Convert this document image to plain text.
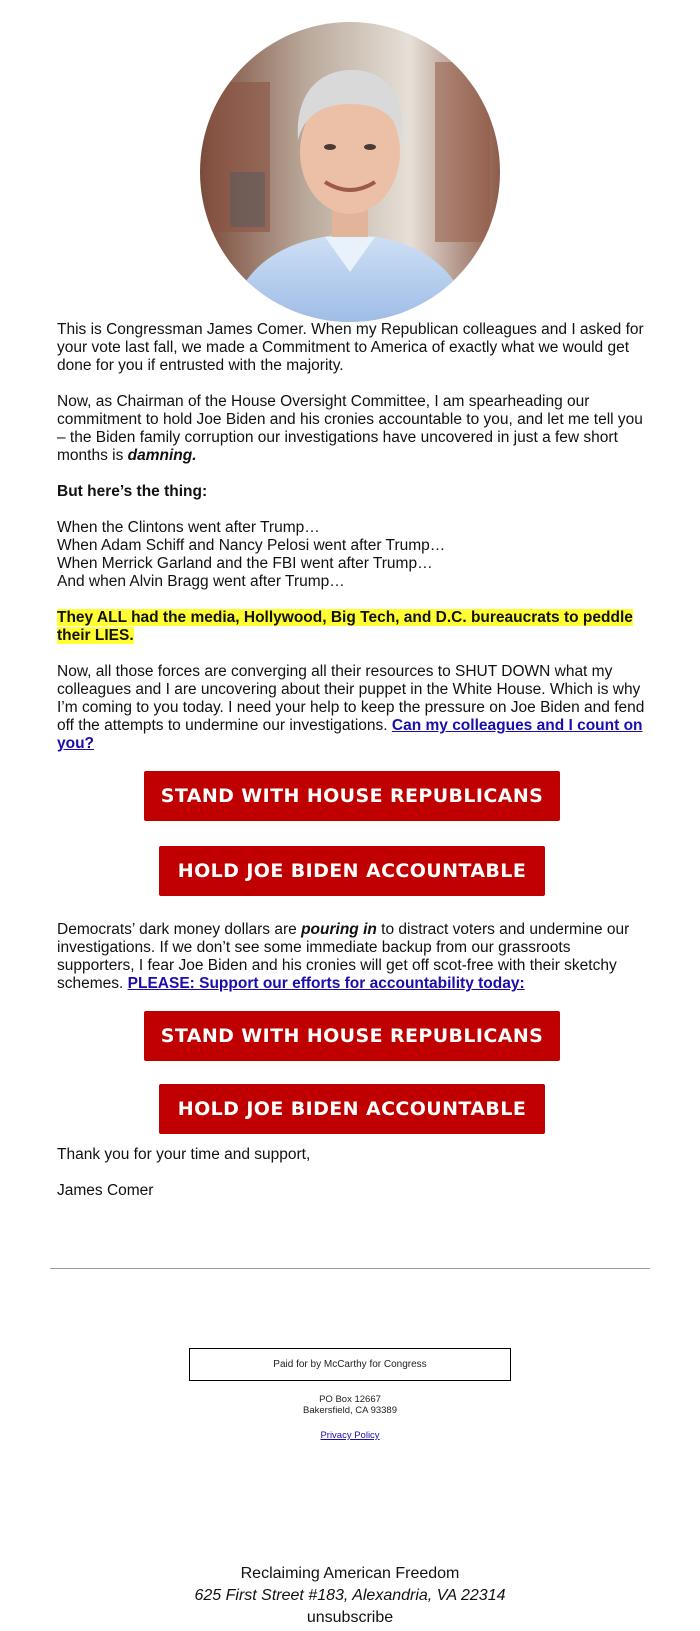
This is Congressman James Comer. When my Republican colleagues and I asked for your vote last fall, we made a Commitment to America of exactly what we would get done for you if entrusted with the majority.

Now, as Chairman of the House Oversight Committee, I am spearheading our commitment to hold Joe Biden and his cronies accountable to you, and let me tell you – the Biden family corruption our investigations have uncovered in just a few short months is damning.

But here’s the thing:

When the Clintons went after Trump…
When Adam Schiff and Nancy Pelosi went after Trump…
When Merrick Garland and the FBI went after Trump…
And when Alvin Bragg went after Trump…

They ALL had the media, Hollywood, Big Tech, and D.C. bureaucrats to peddle their LIES.

Now, all those forces are converging all their resources to SHUT DOWN what my colleagues and I are uncovering about their puppet in the White House. Which is why I’m coming to you today. I need your help to keep the pressure on Joe Biden and fend off the attempts to undermine our investigations. Can my colleagues and I count on you?

STAND WITH HOUSE REPUBLICANS
HOLD JOE BIDEN ACCOUNTABLE

Democrats’ dark money dollars are pouring in to distract voters and undermine our investigations. If we don’t see some immediate backup from our grassroots supporters, I fear Joe Biden and his cronies will get off scot-free with their sketchy schemes. PLEASE: Support our efforts for accountability today:

STAND WITH HOUSE REPUBLICANS
HOLD JOE BIDEN ACCOUNTABLE

Thank you for your time and support,

James Comer

Paid for by McCarthy for Congress
PO Box 12667
Bakersfield, CA 93389
Privacy Policy
Reclaiming American Freedom
625 First Street #183, Alexandria, VA 22314
unsubscribe
